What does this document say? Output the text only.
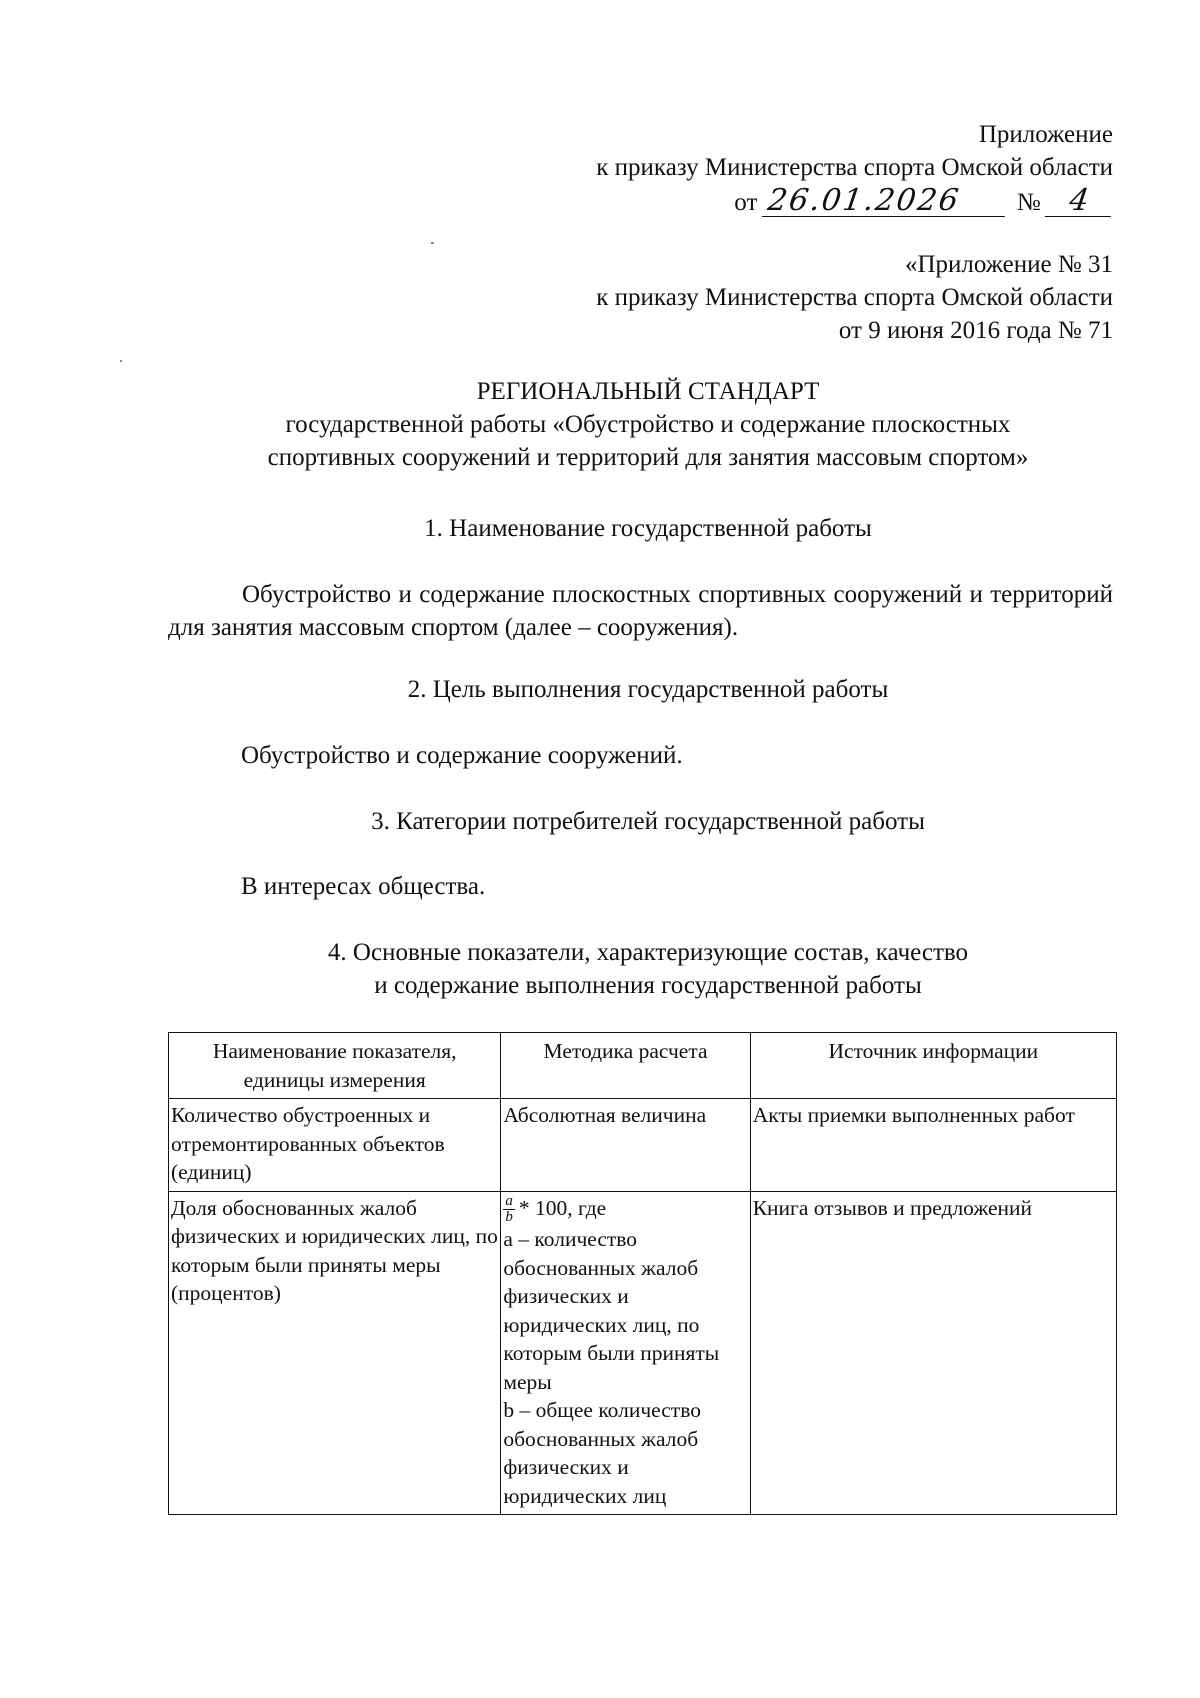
Приложение
к приказу Министерства спорта Омской области
от 26.01.2026 № 4
«Приложение № 31
к приказу Министерства спорта Омской области
от 9 июня 2016 года № 71
РЕГИОНАЛЬНЫЙ СТАНДАРТ
государственной работы «Обустройство и содержание плоскостных
спортивных сооружений и территорий для занятия массовым спортом»
1. Наименование государственной работы
Обустройство и содержание плоскостных спортивных сооружений и территорий для занятия массовым спортом (далее – сооружения).
2. Цель выполнения государственной работы
Обустройство и содержание сооружений.
3. Категории потребителей государственной работы
В интересах общества.
4. Основные показатели, характеризующие состав, качество
и содержание выполнения государственной работы
Наименование показателя, единицы измерения	Методика расчета	Источник информации
Количество обустроенных и отремонтированных объектов (единиц)	Абсолютная величина	Акты приемки выполненных работ
Доля обоснованных жалоб физических и юридических лиц, по которым были приняты меры (процентов)	$\frac{a}{b} * 100$, где
a – количество обоснованных жалоб физических и юридических лиц, по которым были приняты меры
b – общее количество обоснованных жалоб физических и юридических лиц	Книга отзывов и предложений
